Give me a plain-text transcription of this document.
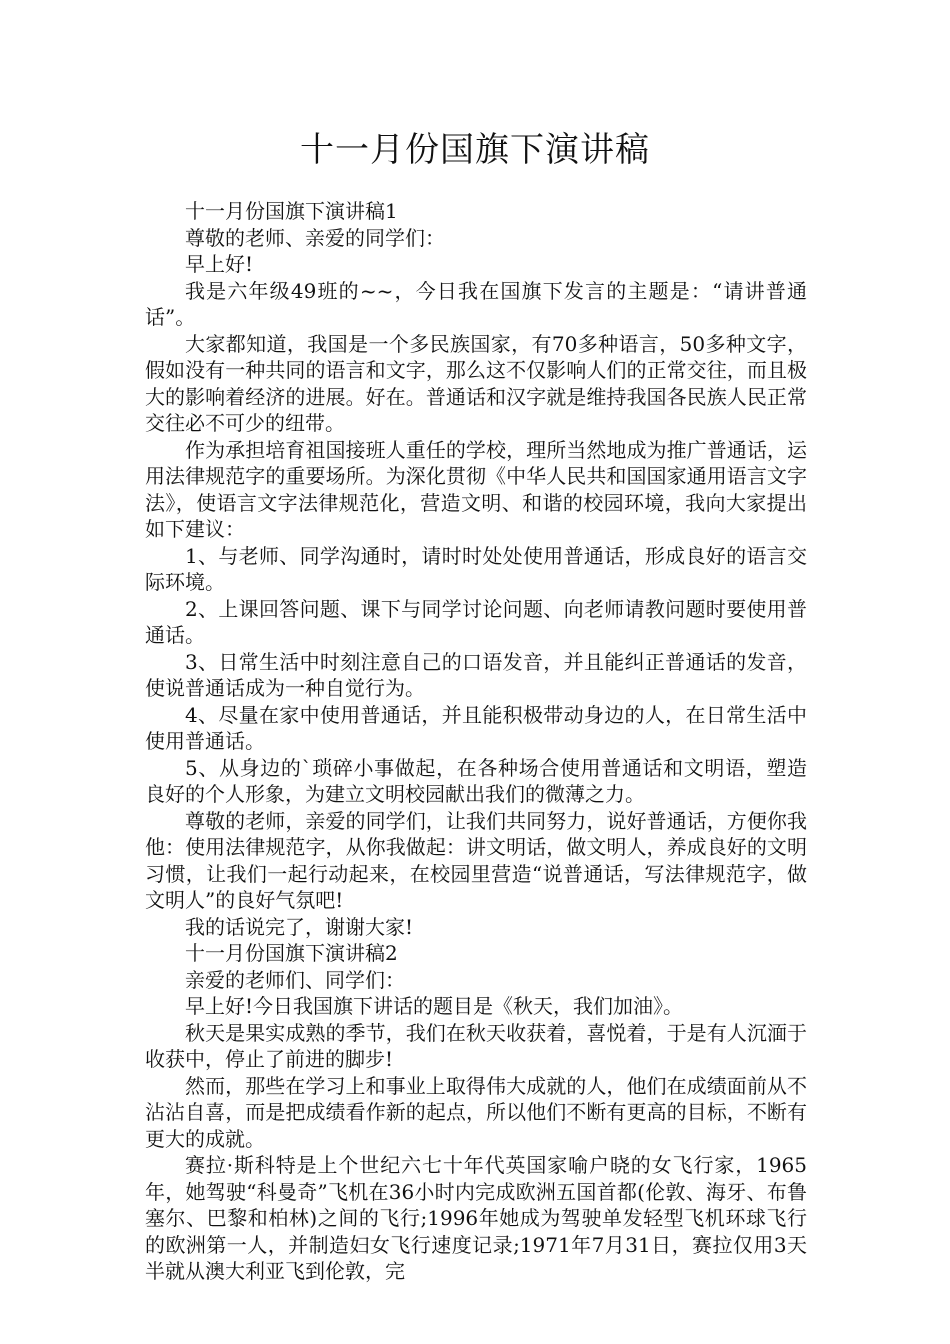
十一月份国旗下演讲稿

十一月份国旗下演讲稿1

尊敬的老师、亲爱的同学们：

早上好!

我是六年级49班的~~，今日我在国旗下发言的主题是：“请讲普通话”。

大家都知道，我国是一个多民族国家，有70多种语言，50多种文字，假如没有一种共同的语言和文字，那么这不仅影响人们的正常交往，而且极大的影响着经济的进展。好在。普通话和汉字就是维持我国各民族人民正常交往必不可少的纽带。

作为承担培育祖国接班人重任的学校，理所当然地成为推广普通话，运用法律规范字的重要场所。为深化贯彻《中华人民共和国国家通用语言文字法》，使语言文字法律规范化，营造文明、和谐的校园环境，我向大家提出如下建议：

1、与老师、同学沟通时，请时时处处使用普通话，形成良好的语言交际环境。

2、上课回答问题、课下与同学讨论问题、向老师请教问题时要使用普通话。

3、日常生活中时刻注意自己的口语发音，并且能纠正普通话的发音，使说普通话成为一种自觉行为。

4、尽量在家中使用普通话，并且能积极带动身边的人，在日常生活中使用普通话。

5、从身边的`琐碎小事做起，在各种场合使用普通话和文明语，塑造良好的个人形象，为建立文明校园献出我们的微薄之力。

尊敬的老师，亲爱的同学们，让我们共同努力，说好普通话，方便你我他：使用法律规范字，从你我做起：讲文明话，做文明人，养成良好的文明习惯，让我们一起行动起来，在校园里营造“说普通话，写法律规范字，做文明人”的良好气氛吧!

我的话说完了，谢谢大家!

十一月份国旗下演讲稿2

亲爱的老师们、同学们：

早上好!今日我国旗下讲话的题目是《秋天，我们加油》。

秋天是果实成熟的季节，我们在秋天收获着，喜悦着，于是有人沉湎于收获中，停止了前进的脚步!

然而，那些在学习上和事业上取得伟大成就的人，他们在成绩面前从不沾沾自喜，而是把成绩看作新的起点，所以他们不断有更高的目标，不断有更大的成就。

赛拉·斯科特是上个世纪六七十年代英国家喻户晓的女飞行家，1965年，她驾驶“科曼奇”飞机在36小时内完成欧洲五国首都(伦敦、海牙、布鲁塞尔、巴黎和柏林)之间的飞行;1996年她成为驾驶单发轻型飞机环球飞行的欧洲第一人，并制造妇女飞行速度记录;1971年7月31日，赛拉仅用3天半就从澳大利亚飞到伦敦，完
